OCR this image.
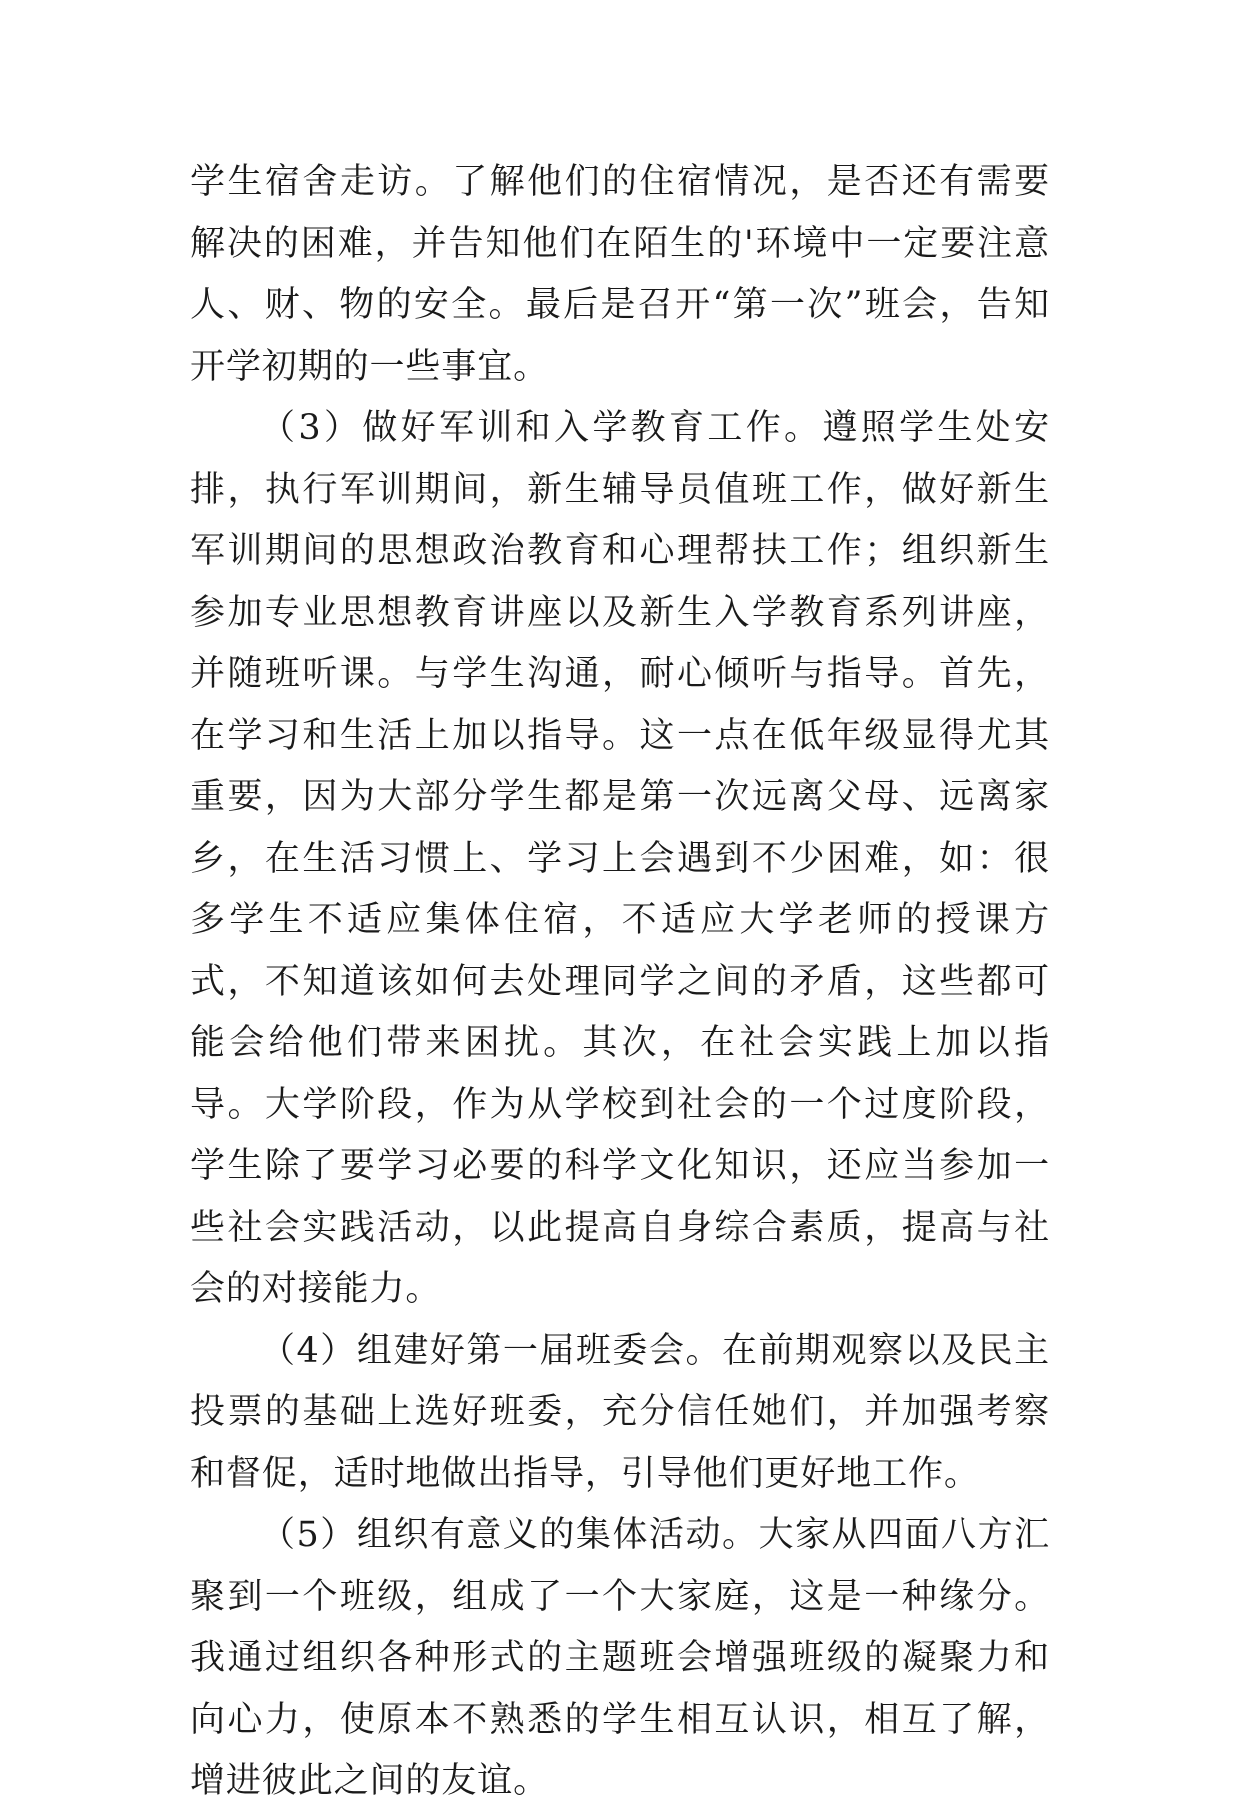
学生宿舍走访。了解他们的住宿情况，是否还有需要解决的困难，并告知他们在陌生的'环境中一定要注意人、财、物的安全。最后是召开“第一次”班会，告知开学初期的一些事宜。

（3）做好军训和入学教育工作。遵照学生处安排，执行军训期间，新生辅导员值班工作，做好新生军训期间的思想政治教育和心理帮扶工作；组织新生参加专业思想教育讲座以及新生入学教育系列讲座，并随班听课。与学生沟通，耐心倾听与指导。首先，在学习和生活上加以指导。这一点在低年级显得尤其重要，因为大部分学生都是第一次远离父母、远离家乡，在生活习惯上、学习上会遇到不少困难，如：很多学生不适应集体住宿，不适应大学老师的授课方式，不知道该如何去处理同学之间的矛盾，这些都可能会给他们带来困扰。其次，在社会实践上加以指导。大学阶段，作为从学校到社会的一个过度阶段，学生除了要学习必要的科学文化知识，还应当参加一些社会实践活动，以此提高自身综合素质，提高与社会的对接能力。

（4）组建好第一届班委会。在前期观察以及民主投票的基础上选好班委，充分信任她们，并加强考察和督促，适时地做出指导，引导他们更好地工作。

（5）组织有意义的集体活动。大家从四面八方汇聚到一个班级，组成了一个大家庭，这是一种缘分。我通过组织各种形式的主题班会增强班级的凝聚力和向心力，使原本不熟悉的学生相互认识，相互了解，增进彼此之间的友谊。
